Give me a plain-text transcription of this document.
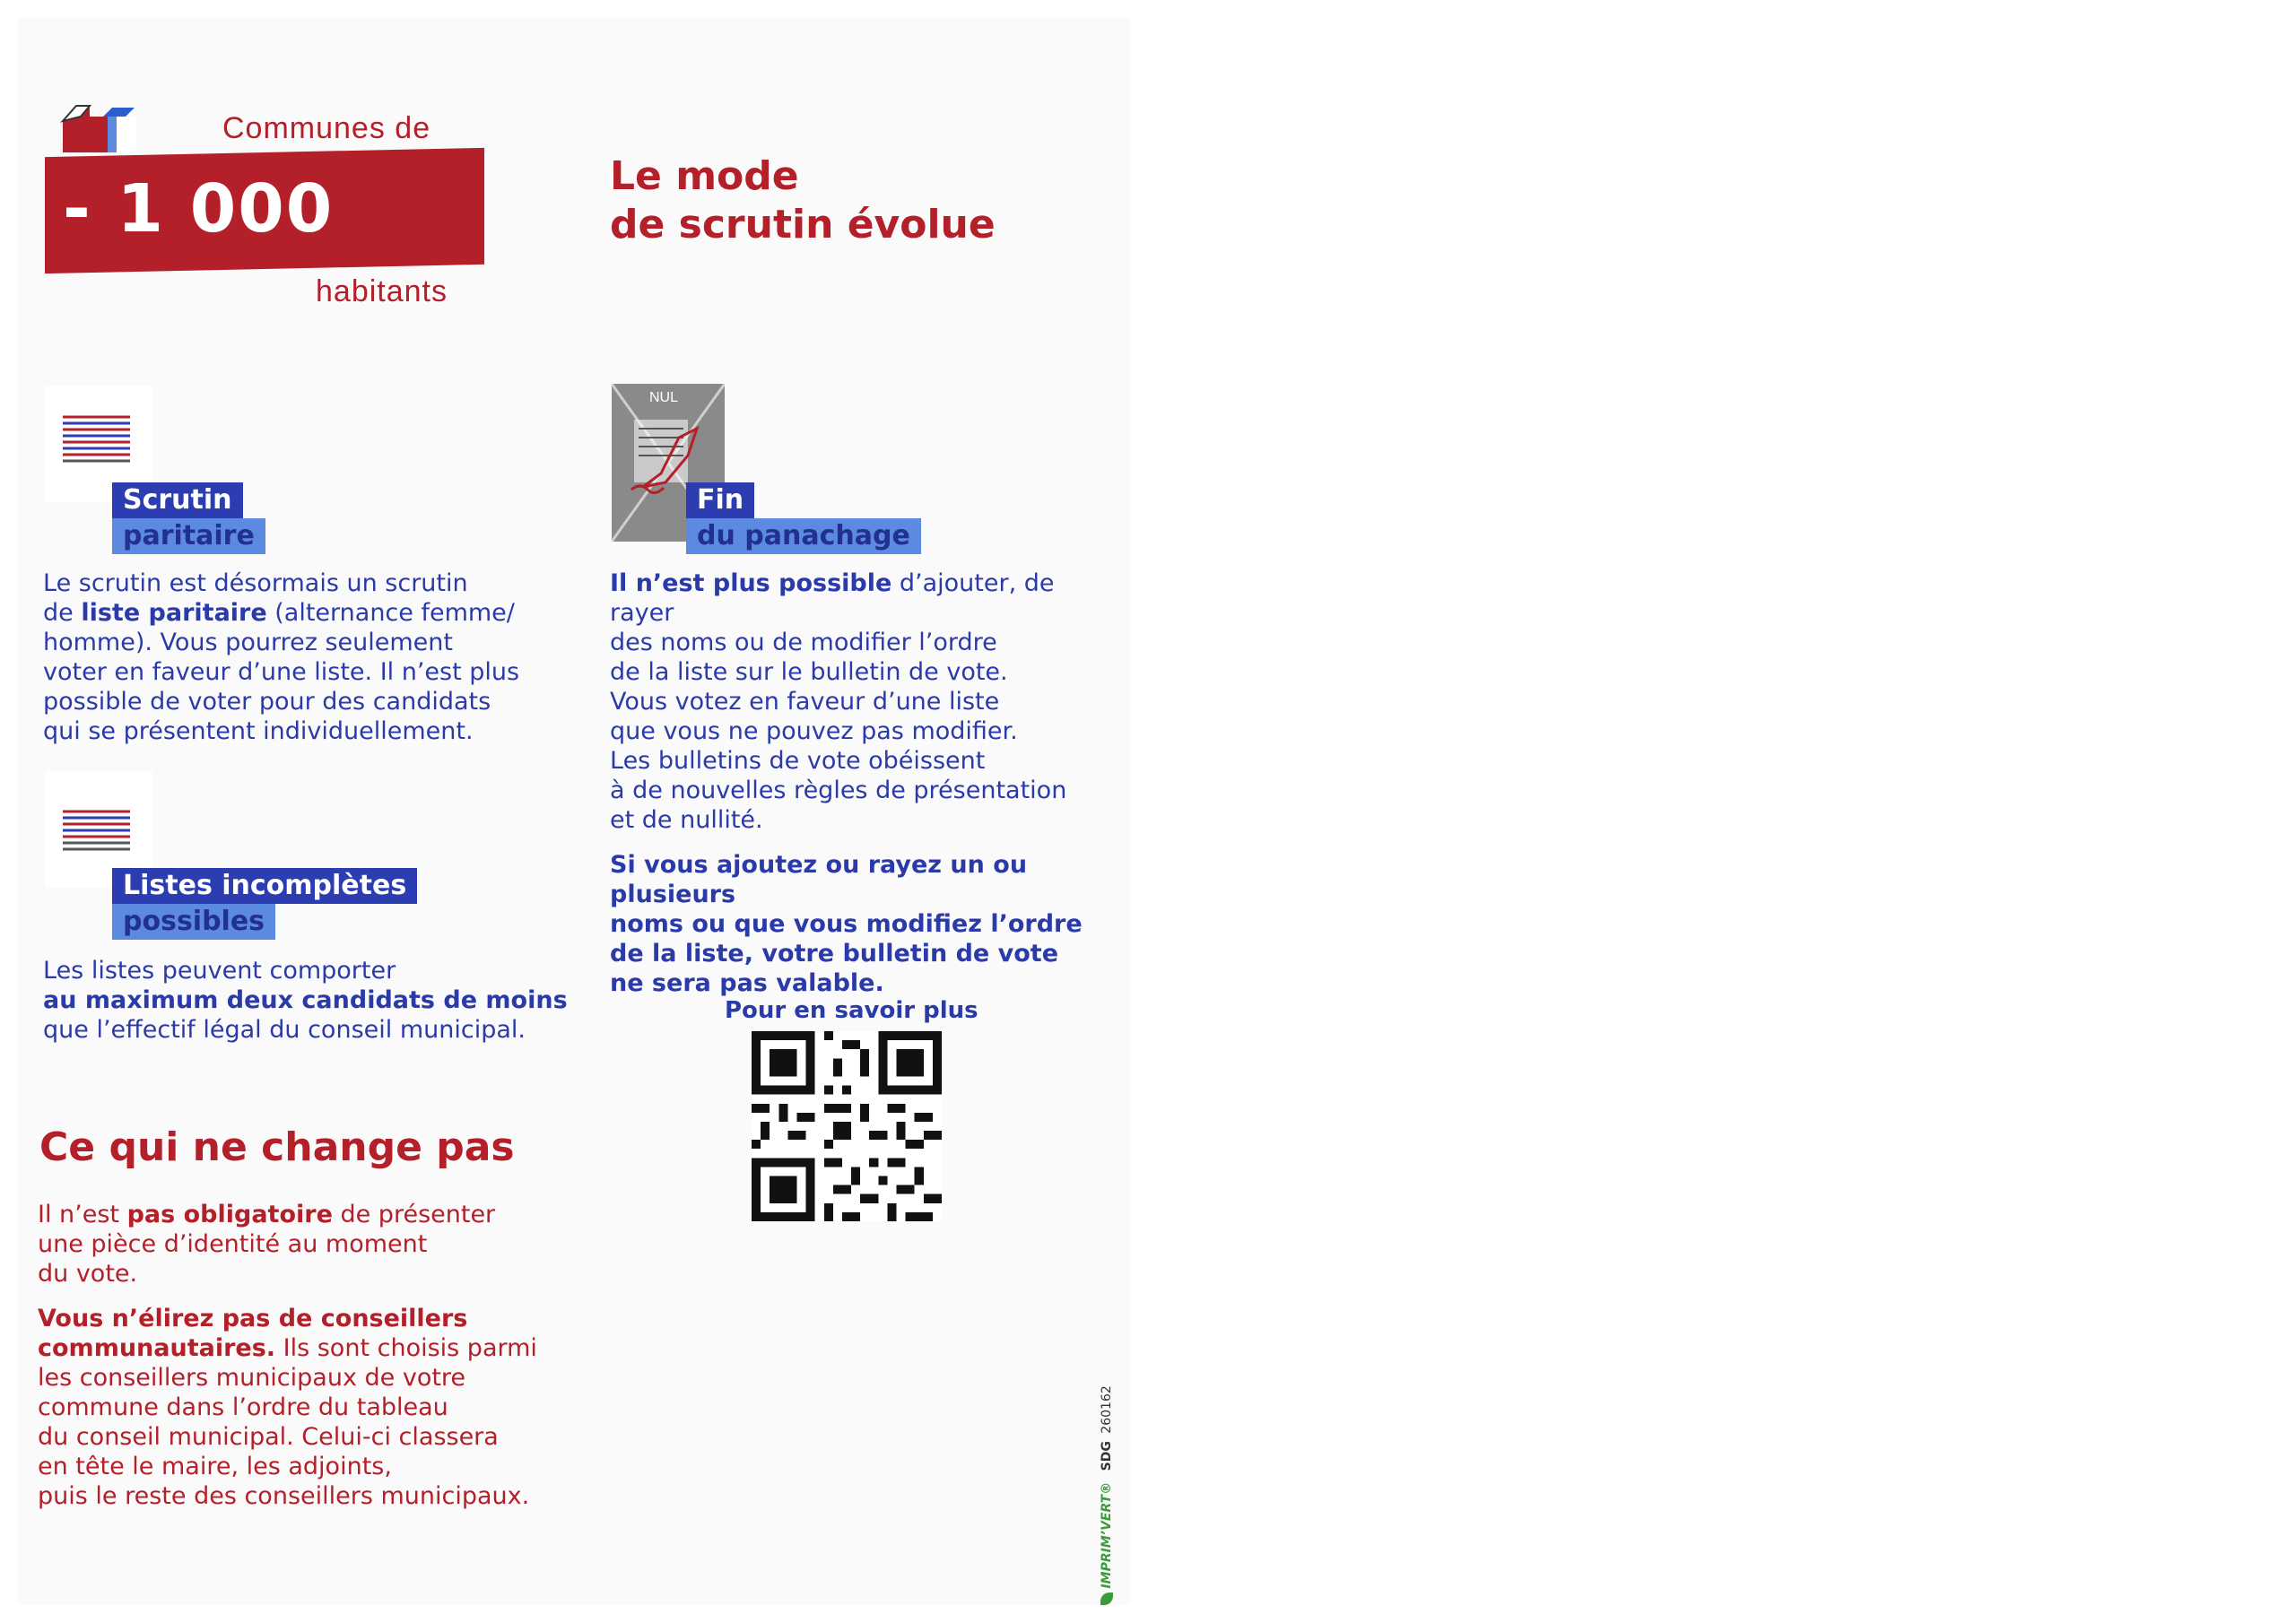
Communes de
- 1 000
habitants
Le mode
de scrutin évolue
Scrutin
paritaire
Le scrutin est désormais un scrutin
de liste paritaire (alternance femme/
homme). Vous pourrez seulement
voter en faveur d’une liste. Il n’est plus
possible de voter pour des candidats
qui se présentent individuellement.
Listes incomplètes
possibles
Les listes peuvent comporter
au maximum deux candidats de moins
que l’effectif légal du conseil municipal.
NUL
Fin
du panachage
Il n’est plus possible d’ajouter, de rayer
des noms ou de modifier l’ordre
de la liste sur le bulletin de vote.
Vous votez en faveur d’une liste
que vous ne pouvez pas modifier.
Les bulletins de vote obéissent
à de nouvelles règles de présentation
et de nullité.
Si vous ajoutez ou rayez un ou plusieurs
noms ou que vous modifiez l’ordre
de la liste, votre bulletin de vote
ne sera pas valable.
Pour en savoir plus
Ce qui ne change pas
Il n’est pas obligatoire de présenter
une pièce d’identité au moment
du vote.
Vous n’élirez pas de conseillers
communautaires. Ils sont choisis parmi
les conseillers municipaux de votre
commune dans l’ordre du tableau
du conseil municipal. Celui-ci classera
en tête le maire, les adjoints,
puis le reste des conseillers municipaux.	IMPRIM’VERT® SDG 260162
